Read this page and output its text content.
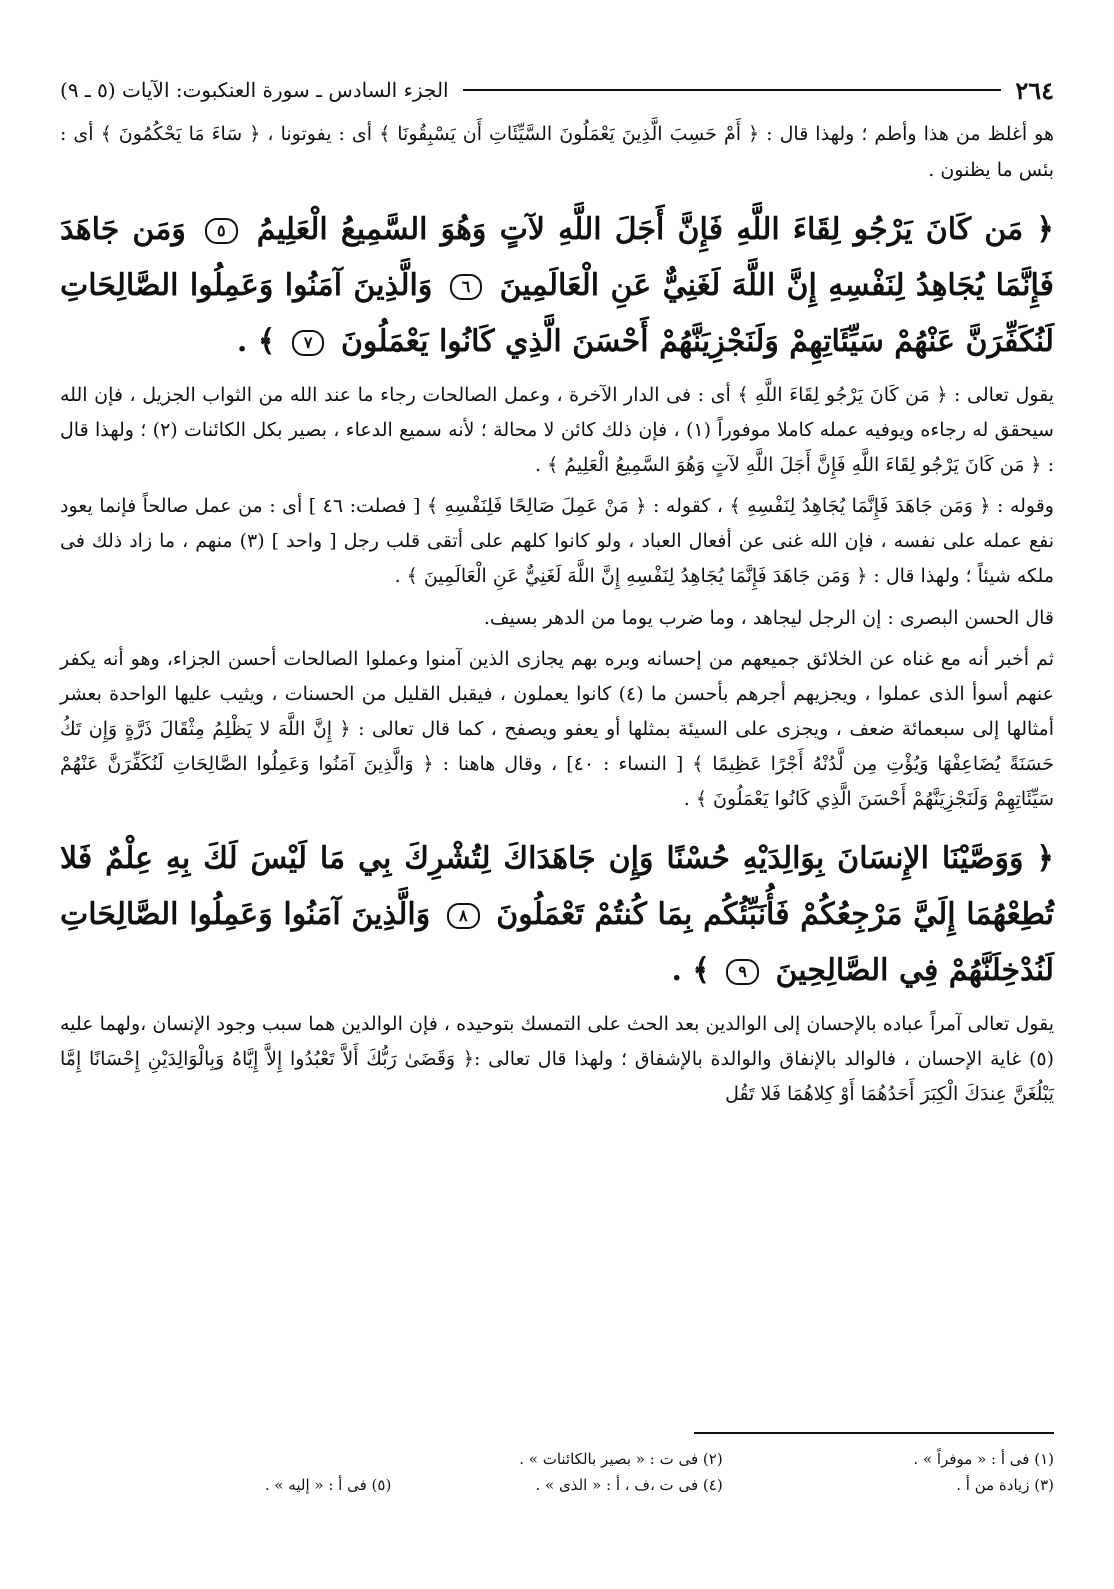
٢٦٤
الجزء السادس ـ سورة العنكبوت: الآيات (٥ ـ ٩)

هو أغلظ من هذا وأطم ؛ ولهذا قال : ﴿ أَمْ حَسِبَ الَّذِينَ يَعْمَلُونَ السَّيِّئَاتِ أَن يَسْبِقُونَا ﴾ أى : يفوتونا ، ﴿ سَاءَ مَا يَحْكُمُونَ ﴾ أى : بئس ما يظنون .

﴿ مَن كَانَ يَرْجُو لِقَاءَ اللَّهِ فَإِنَّ أَجَلَ اللَّهِ لآتٍ وَهُوَ السَّمِيعُ الْعَلِيمُ ٥ وَمَن جَاهَدَ فَإِنَّمَا يُجَاهِدُ لِنَفْسِهِ إِنَّ اللَّهَ لَغَنِيٌّ عَنِ الْعَالَمِينَ ٦ وَالَّذِينَ آمَنُوا وَعَمِلُوا الصَّالِحَاتِ لَنُكَفِّرَنَّ عَنْهُمْ سَيِّئَاتِهِمْ وَلَنَجْزِيَنَّهُمْ أَحْسَنَ الَّذِي كَانُوا يَعْمَلُونَ ٧ ﴾ .

يقول تعالى : ﴿ مَن كَانَ يَرْجُو لِقَاءَ اللَّهِ ﴾ أى : فى الدار الآخرة ، وعمل الصالحات رجاء ما عند الله من الثواب الجزيل ، فإن الله سيحقق له رجاءه ويوفيه عمله كاملا موفوراً (١) ، فإن ذلك كائن لا محالة ؛ لأنه سميع الدعاء ، بصير بكل الكائنات (٢) ؛ ولهذا قال : ﴿ مَن كَانَ يَرْجُو لِقَاءَ اللَّهِ فَإِنَّ أَجَلَ اللَّهِ لآتٍ وَهُوَ السَّمِيعُ الْعَلِيمُ ﴾ .

وقوله : ﴿ وَمَن جَاهَدَ فَإِنَّمَا يُجَاهِدُ لِنَفْسِهِ ﴾ ، كقوله : ﴿ مَنْ عَمِلَ صَالِحًا فَلِنَفْسِهِ ﴾ [ فصلت: ٤٦ ] أى : من عمل صالحاً فإنما يعود نفع عمله على نفسه ، فإن الله غنى عن أفعال العباد ، ولو كانوا كلهم على أتقى قلب رجل [ واحد ] (٣) منهم ، ما زاد ذلك فى ملكه شيئاً ؛ ولهذا قال : ﴿ وَمَن جَاهَدَ فَإِنَّمَا يُجَاهِدُ لِنَفْسِهِ إِنَّ اللَّهَ لَغَنِيٌّ عَنِ الْعَالَمِينَ ﴾ .

قال الحسن البصرى : إن الرجل ليجاهد ، وما ضرب يوما من الدهر بسيف.

ثم أخبر أنه مع غناه عن الخلائق جميعهم من إحسانه وبره بهم يجازى الذين آمنوا وعملوا الصالحات أحسن الجزاء، وهو أنه يكفر عنهم أسوأ الذى عملوا ، ويجزيهم أجرهم بأحسن ما (٤) كانوا يعملون ، فيقبل القليل من الحسنات ، ويثيب عليها الواحدة بعشر أمثالها إلى سبعمائة ضعف ، ويجزى على السيئة بمثلها أو يعفو ويصفح ، كما قال تعالى : ﴿ إِنَّ اللَّهَ لا يَظْلِمُ مِثْقَالَ ذَرَّةٍ وَإِن تَكُ حَسَنَةً يُضَاعِفْهَا وَيُؤْتِ مِن لَّدُنْهُ أَجْرًا عَظِيمًا ﴾ [ النساء : ٤٠] ، وقال هاهنا : ﴿ وَالَّذِينَ آمَنُوا وَعَمِلُوا الصَّالِحَاتِ لَنُكَفِّرَنَّ عَنْهُمْ سَيِّئَاتِهِمْ وَلَنَجْزِيَنَّهُمْ أَحْسَنَ الَّذِي كَانُوا يَعْمَلُونَ ﴾ .

﴿ وَوَصَّيْنَا الإِنسَانَ بِوَالِدَيْهِ حُسْنًا وَإِن جَاهَدَاكَ لِتُشْرِكَ بِي مَا لَيْسَ لَكَ بِهِ عِلْمٌ فَلا تُطِعْهُمَا إِلَيَّ مَرْجِعُكُمْ فَأُنَبِّئُكُم بِمَا كُنتُمْ تَعْمَلُونَ ٨ وَالَّذِينَ آمَنُوا وَعَمِلُوا الصَّالِحَاتِ لَنُدْخِلَنَّهُمْ فِي الصَّالِحِينَ ٩ ﴾ .

يقول تعالى آمراً عباده بالإحسان إلى الوالدين بعد الحث على التمسك بتوحيده ، فإن الوالدين هما سبب وجود الإنسان ،ولهما عليه (٥) غاية الإحسان ، فالوالد بالإنفاق والوالدة بالإشفاق ؛ ولهذا قال تعالى :﴿ وَقَضَىٰ رَبُّكَ أَلاَّ تَعْبُدُوا إِلاَّ إِيَّاهُ وَبِالْوَالِدَيْنِ إِحْسَانًا إِمَّا يَبْلُغَنَّ عِندَكَ الْكِبَرَ أَحَدُهُمَا أَوْ كِلاهُمَا فَلا تَقُل

(١) فى أ : « موفراً » .
(٢) فى ت : « بصير بالكائنات » .
(٣) زيادة من أ .
(٤) فى ت ،ف ، أ : « الذى » .
(٥) فى أ : « إليه » .
